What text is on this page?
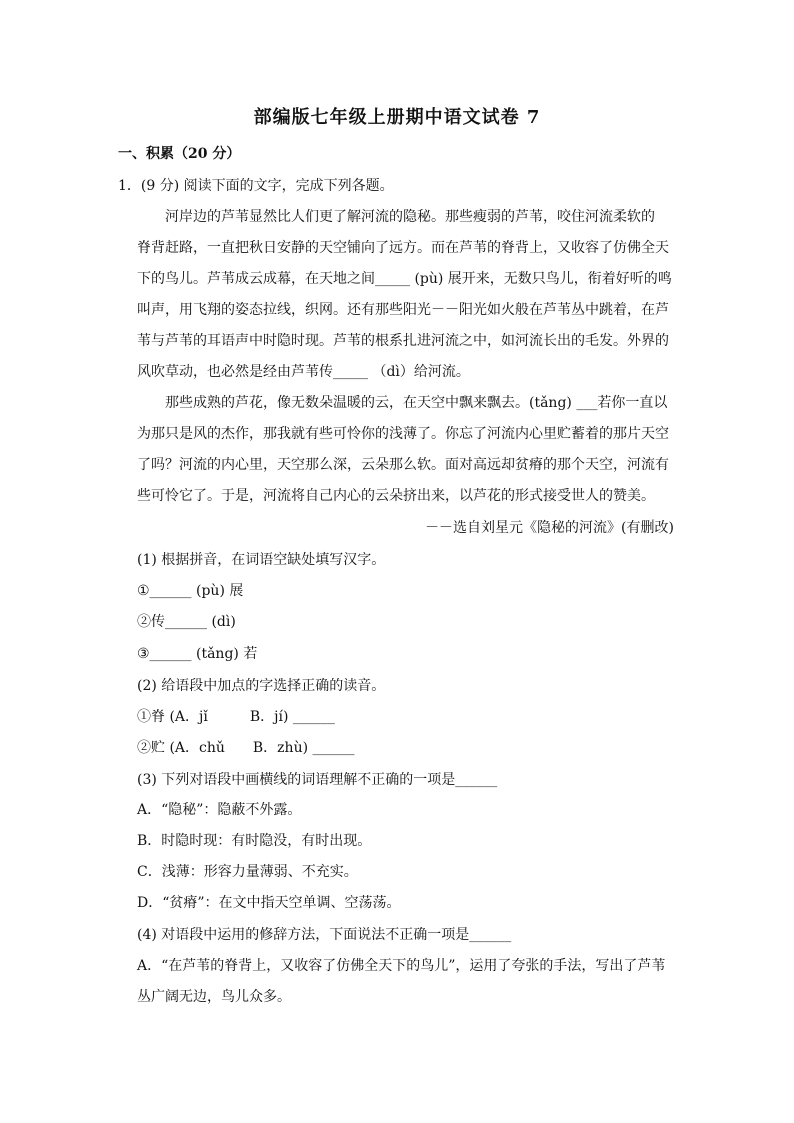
部编版七年级上册期中语文试卷 7
一、积累（20 分）
1．(9 分) 阅读下面的文字，完成下列各题。
　　河岸边的芦苇显然比人们更了解河流的隐秘。那些瘦弱的芦苇，咬住河流柔软的
脊背赶路，一直把秋日安静的天空铺向了远方。而在芦苇的脊背上，又收容了仿佛全天
下的鸟儿。芦苇成云成幕，在天地之间_____ (pù) 展开来，无数只鸟儿，衔着好听的鸣
叫声，用飞翔的姿态拉线，织网。还有那些阳光－－阳光如火般在芦苇丛中跳着，在芦
苇与芦苇的耳语声中时隐时现。芦苇的根系扎进河流之中，如河流长出的毛发。外界的
风吹草动，也必然是经由芦苇传_____ （dì）给河流。
　　那些成熟的芦花，像无数朵温暖的云，在天空中飘来飘去。(tǎng) ___若你一直以
为那只是风的杰作，那我就有些可怜你的浅薄了。你忘了河流内心里贮蓄着的那片天空
了吗？河流的内心里，天空那么深，云朵那么软。面对高远却贫瘠的那个天空，河流有
些可怜它了。于是，河流将自己内心的云朵挤出来，以芦花的形式接受世人的赞美。
－－选自刘星元《隐秘的河流》(有删改)
(1) 根据拼音，在词语空缺处填写汉字。
①______ (pù) 展
②传______ (dì)
③______ (tǎng) 若
(2) 给语段中加点的字选择正确的读音。
①脊 (A．jǐ　　　B．jí) ______
②贮 (A．chǔ　　B．zhù) ______
(3) 下列对语段中画横线的词语理解不正确的一项是______
A．“隐秘”：隐蔽不外露。
B．时隐时现：有时隐没，有时出现。
C．浅薄：形容力量薄弱、不充实。
D．“贫瘠”：在文中指天空单调、空荡荡。
(4) 对语段中运用的修辞方法，下面说法不正确一项是______
A．“在芦苇的脊背上，又收容了仿佛全天下的鸟儿”，运用了夸张的手法，写出了芦苇
丛广阔无边，鸟儿众多。
